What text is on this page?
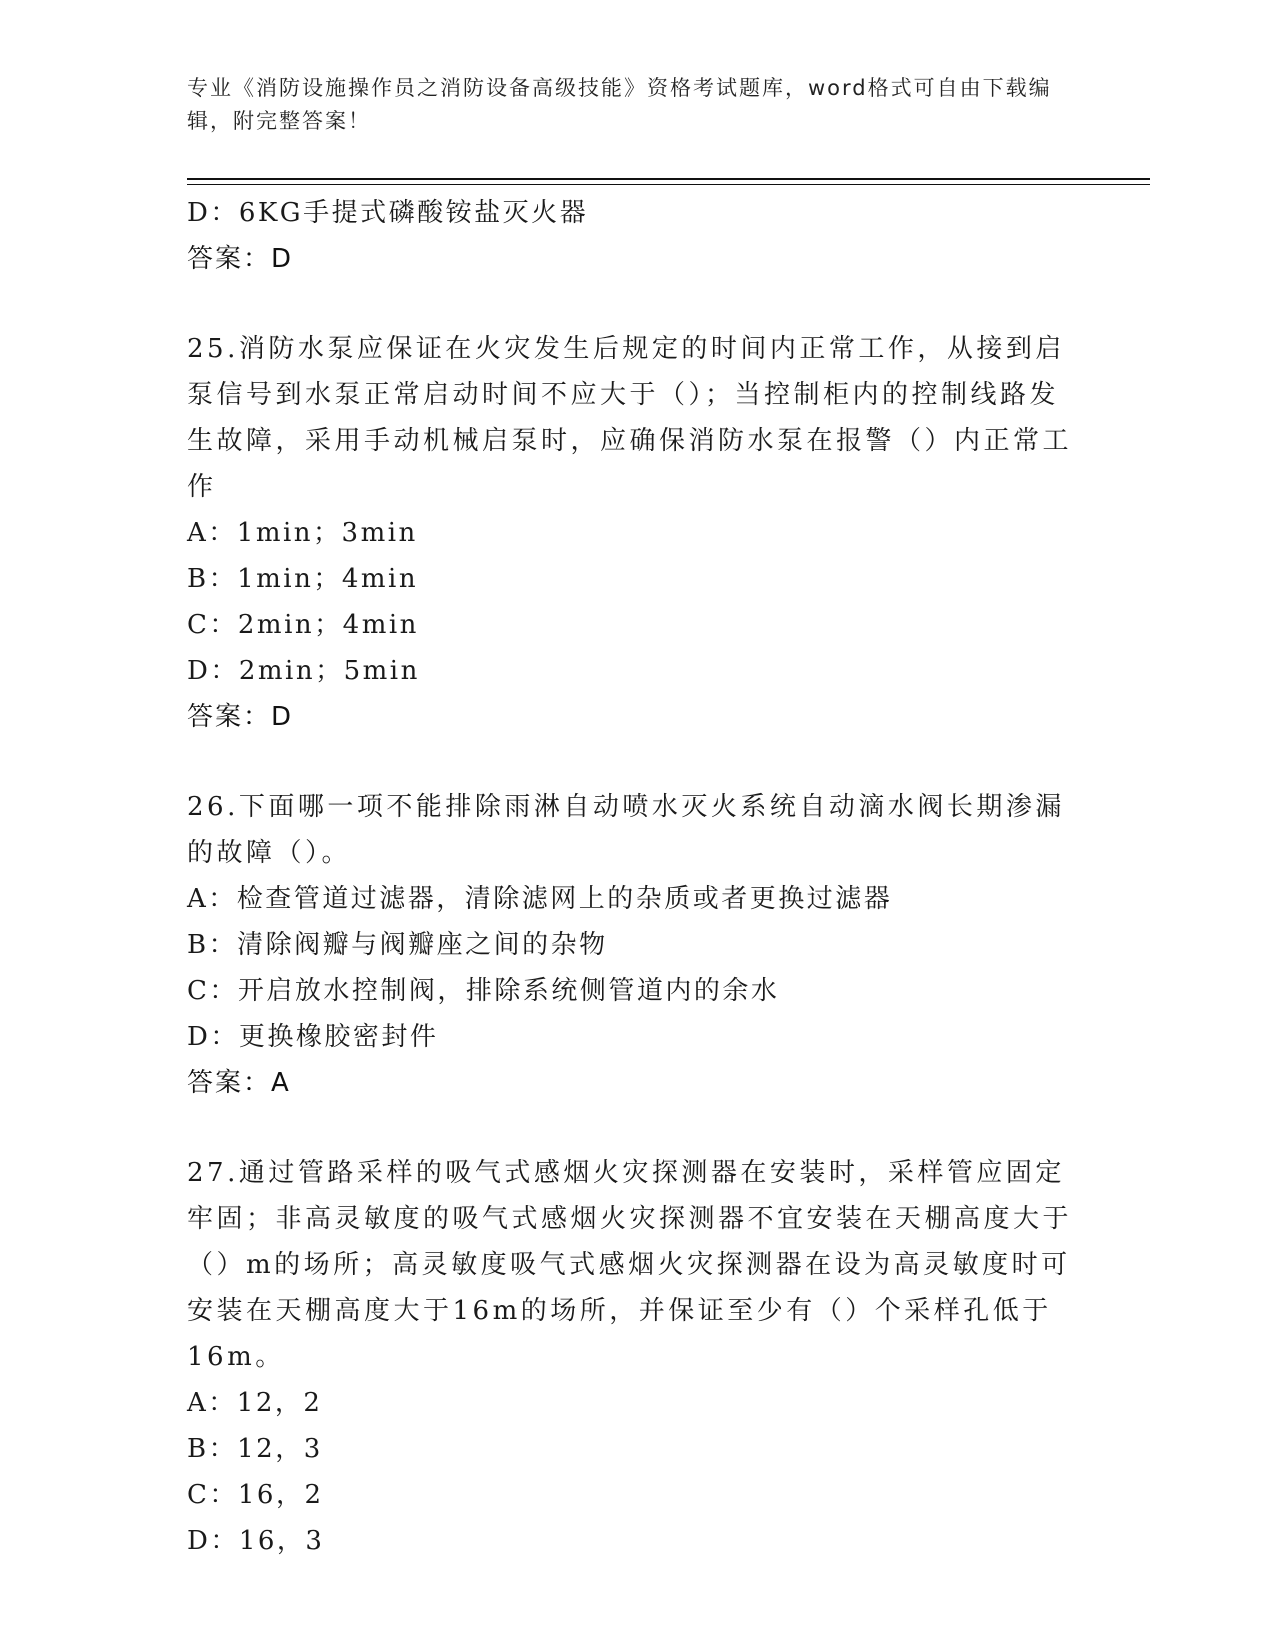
专业《消防设施操作员之消防设备高级技能》资格考试题库，word格式可自由下载编辑，附完整答案！
D：6KG手提式磷酸铵盐灭火器
答案：D
25.消防水泵应保证在火灾发生后规定的时间内正常工作，从接到启泵信号到水泵正常启动时间不应大于（）；当控制柜内的控制线路发生故障，采用手动机械启泵时，应确保消防水泵在报警（）内正常工作
A：1min；3min
B：1min；4min
C：2min；4min
D：2min；5min
答案：D
26.下面哪一项不能排除雨淋自动喷水灭火系统自动滴水阀长期渗漏的故障（）。
A：检查管道过滤器，清除滤网上的杂质或者更换过滤器
B：清除阀瓣与阀瓣座之间的杂物
C：开启放水控制阀，排除系统侧管道内的余水
D：更换橡胶密封件
答案：A
27.通过管路采样的吸气式感烟火灾探测器在安装时，采样管应固定牢固；非高灵敏度的吸气式感烟火灾探测器不宜安装在天棚高度大于（）m的场所；高灵敏度吸气式感烟火灾探测器在设为高灵敏度时可安装在天棚高度大于16m的场所，并保证至少有（）个采样孔低于16m。
A：12，2
B：12，3
C：16，2
D：16，3
